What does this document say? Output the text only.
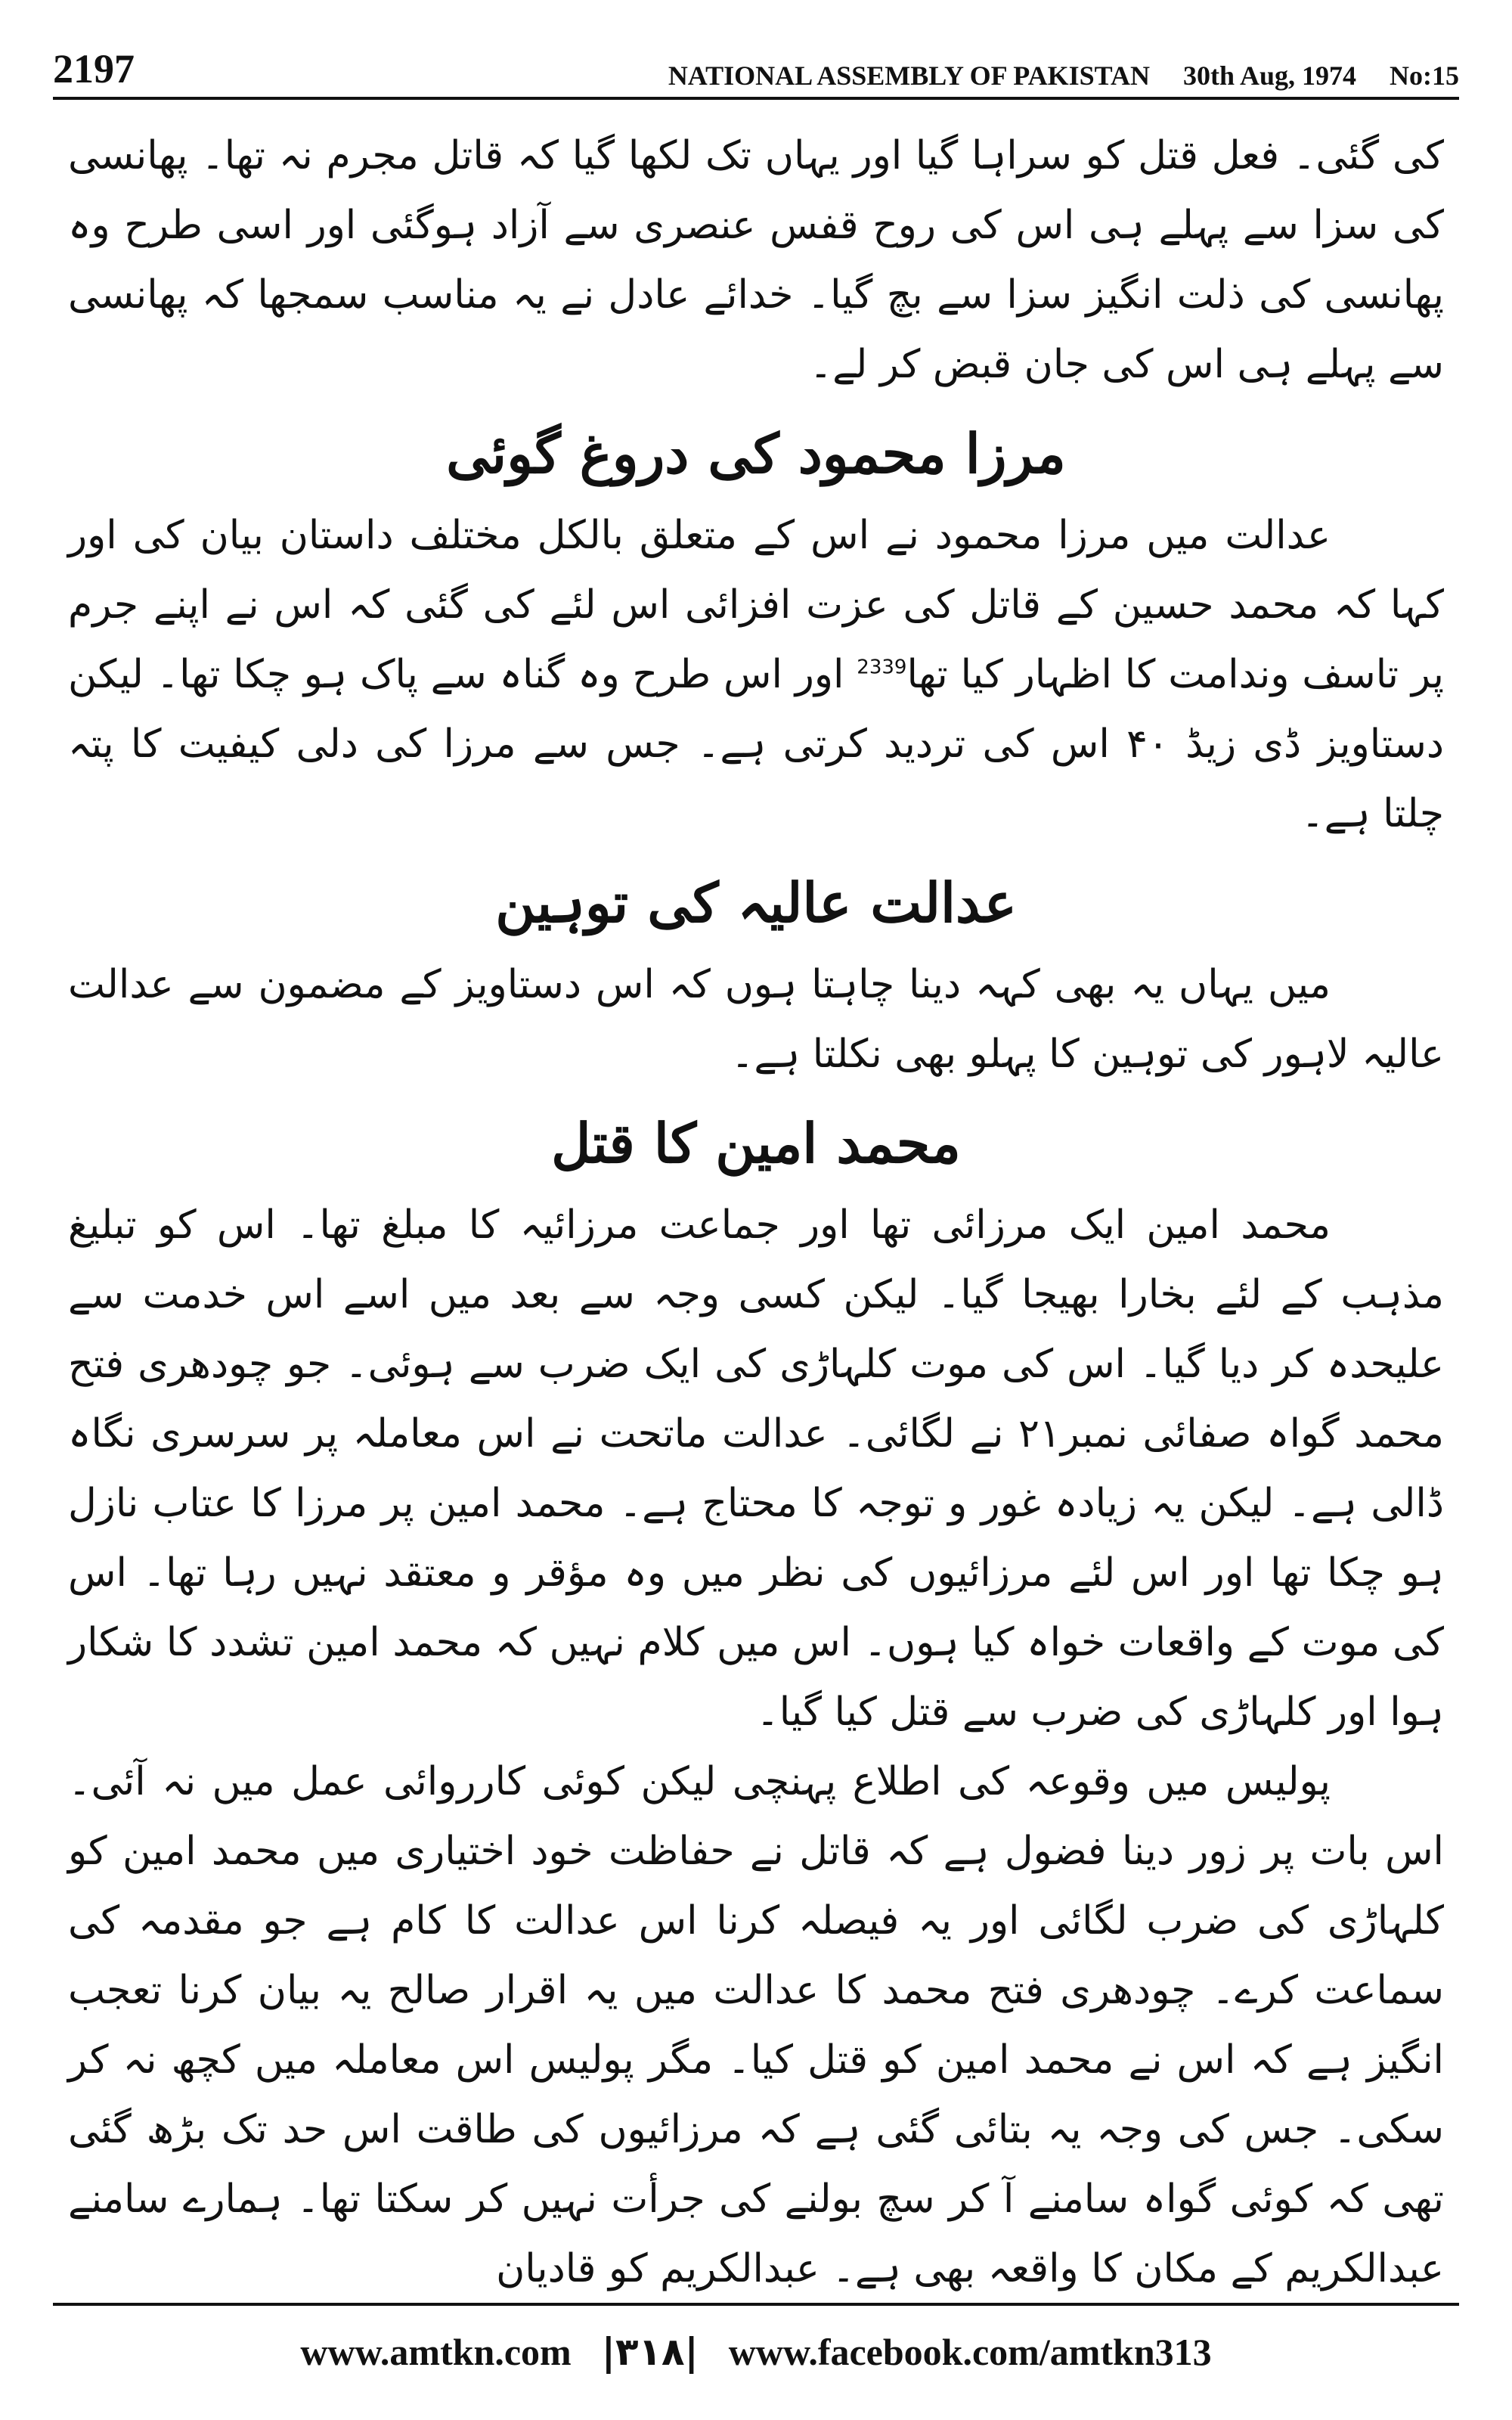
2197	NATIONAL ASSEMBLY OF PAKISTAN 30th Aug, 1974 No:15

کی گئی۔ فعل قتل کو سراہا گیا اور یہاں تک لکھا گیا کہ قاتل مجرم نہ تھا۔ پھانسی کی سزا سے پہلے ہی اس کی روح قفس عنصری سے آزاد ہوگئی اور اسی طرح وہ پھانسی کی ذلت انگیز سزا سے بچ گیا۔ خدائے عادل نے یہ مناسب سمجھا کہ پھانسی سے پہلے ہی اس کی جان قبض کر لے۔

مرزا محمود کی دروغ گوئی

عدالت میں مرزا محمود نے اس کے متعلق بالکل مختلف داستان بیان کی اور کہا کہ محمد حسین کے قاتل کی عزت افزائی اس لئے کی گئی کہ اس نے اپنے جرم پر تاسف وندامت کا اظہار کیا تھا$^{2339}$ اور اس طرح وہ گناہ سے پاک ہو چکا تھا۔ لیکن دستاویز ڈی زیڈ ۴۰ اس کی تردید کرتی ہے۔ جس سے مرزا کی دلی کیفیت کا پتہ چلتا ہے۔

عدالت عالیہ کی توہین

میں یہاں یہ بھی کہہ دینا چاہتا ہوں کہ اس دستاویز کے مضمون سے عدالت عالیہ لاہور کی توہین کا پہلو بھی نکلتا ہے۔

محمد امین کا قتل

محمد امین ایک مرزائی تھا اور جماعت مرزائیہ کا مبلغ تھا۔ اس کو تبلیغ مذہب کے لئے بخارا بھیجا گیا۔ لیکن کسی وجہ سے بعد میں اسے اس خدمت سے علیحدہ کر دیا گیا۔ اس کی موت کلہاڑی کی ایک ضرب سے ہوئی۔ جو چودھری فتح محمد گواہ صفائی نمبر۲۱ نے لگائی۔ عدالت ماتحت نے اس معاملہ پر سرسری نگاہ ڈالی ہے۔ لیکن یہ زیادہ غور و توجہ کا محتاج ہے۔ محمد امین پر مرزا کا عتاب نازل ہو چکا تھا اور اس لئے مرزائیوں کی نظر میں وہ مؤقر و معتقد نہیں رہا تھا۔ اس کی موت کے واقعات خواہ کیا ہوں۔ اس میں کلام نہیں کہ محمد امین تشدد کا شکار ہوا اور کلہاڑی کی ضرب سے قتل کیا گیا۔

پولیس میں وقوعہ کی اطلاع پہنچی لیکن کوئی کارروائی عمل میں نہ آئی۔ اس بات پر زور دینا فضول ہے کہ قاتل نے حفاظت خود اختیاری میں محمد امین کو کلہاڑی کی ضرب لگائی اور یہ فیصلہ کرنا اس عدالت کا کام ہے جو مقدمہ کی سماعت کرے۔ چودھری فتح محمد کا عدالت میں یہ اقرار صالح یہ بیان کرنا تعجب انگیز ہے کہ اس نے محمد امین کو قتل کیا۔ مگر پولیس اس معاملہ میں کچھ نہ کر سکی۔ جس کی وجہ یہ بتائی گئی ہے کہ مرزائیوں کی طاقت اس حد تک بڑھ گئی تھی کہ کوئی گواہ سامنے آ کر سچ بولنے کی جرأت نہیں کر سکتا تھا۔ ہمارے سامنے عبدالکریم کے مکان کا واقعہ بھی ہے۔ عبدالکریم کو قادیان

www.amtkn.com |۳۱۸| www.facebook.com/amtkn313
